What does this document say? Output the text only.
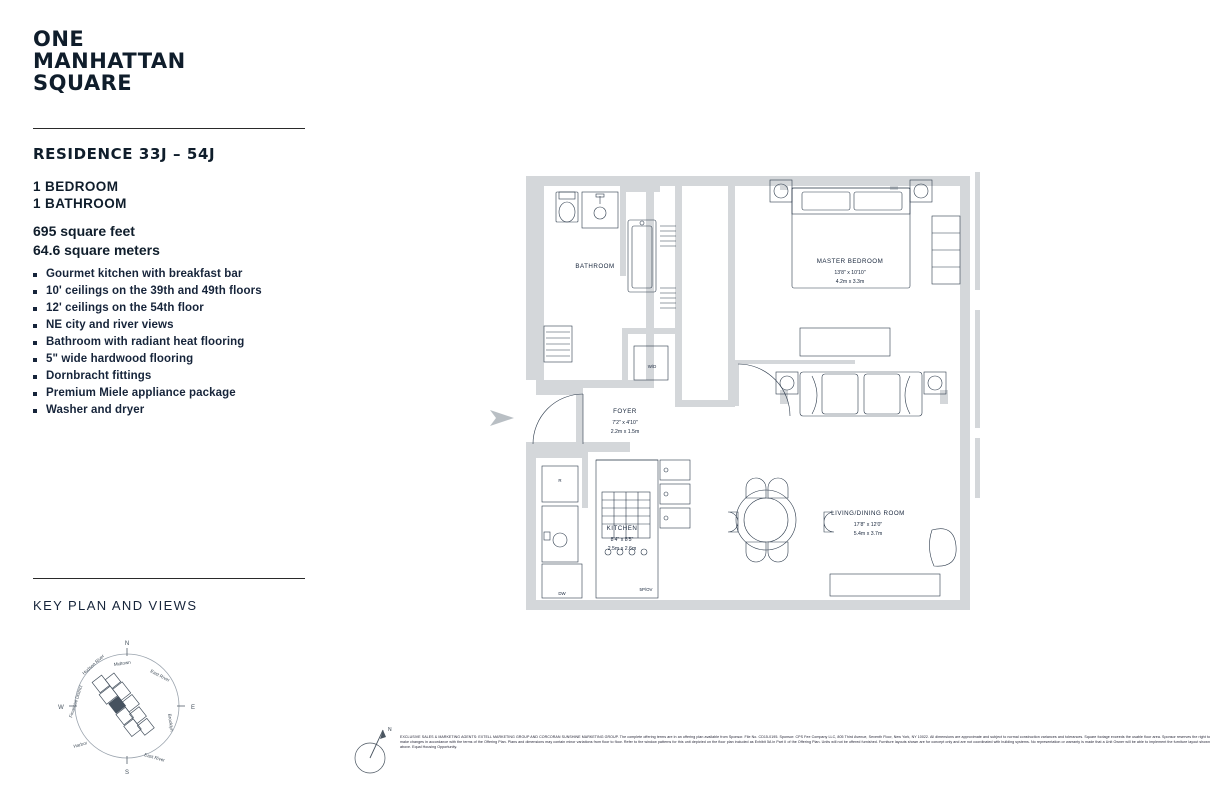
ONE
MANHATTAN
SQUARE
RESIDENCE 33J – 54J
1 BEDROOM
1 BATHROOM
695 square feet
64.6 square meters
Gourmet kitchen with breakfast bar
10' ceilings on the 39th and 49th floors
12' ceilings on the 54th floor
NE city and river views
Bathroom with radiant heat flooring
5" wide hardwood flooring
Dornbracht fittings
Premium Miele appliance package
Washer and dryer
KEY PLAN AND VIEWS
N
S
W	E
Hudson River Midtown
East River
Brooklyn
East River
Harbor
Financial District
BATHROOM
MASTER BEDROOM
13'8" x 10'10"
4.2m x 3.3m
FOYER
7'2" x 4'10"
2.2m x 1.5m
KITCHEN
8'4" x 8'5"
2.5m x 2.6m
LIVING/DINING ROOM
17'8" x 12'0"
5.4m x 3.7m
W/D
R
DW
5P/OV
N
EXCLUSIVE SALES & MARKETING AGENTS: EXTELL MARKETING GROUP AND CORCORAN SUNSHINE MARKETING GROUP. The complete offering terms are in an offering plan available from Sponsor. File No. CD15-0195. Sponsor: CPS Fee Company LLC, 805 Third Avenue, Seventh Floor, New York, NY 10022. All dimensions are approximate and subject to normal construction variances and tolerances. Square footage exceeds the usable floor area. Sponsor reserves the right to make changes in accordance with the terms of the Offering Plan. Plans and dimensions may contain minor variations from floor to floor. Refer to the window patterns for this unit depicted on the floor plan included as Exhibit 5A in Part II of the Offering Plan. Units will not be offered furnished. Furniture layouts shown are for concept only and are not coordinated with building systems. No representation or warranty is made that a Unit Owner will be able to implement the furniture layout shown above. Equal Housing Opportunity.
